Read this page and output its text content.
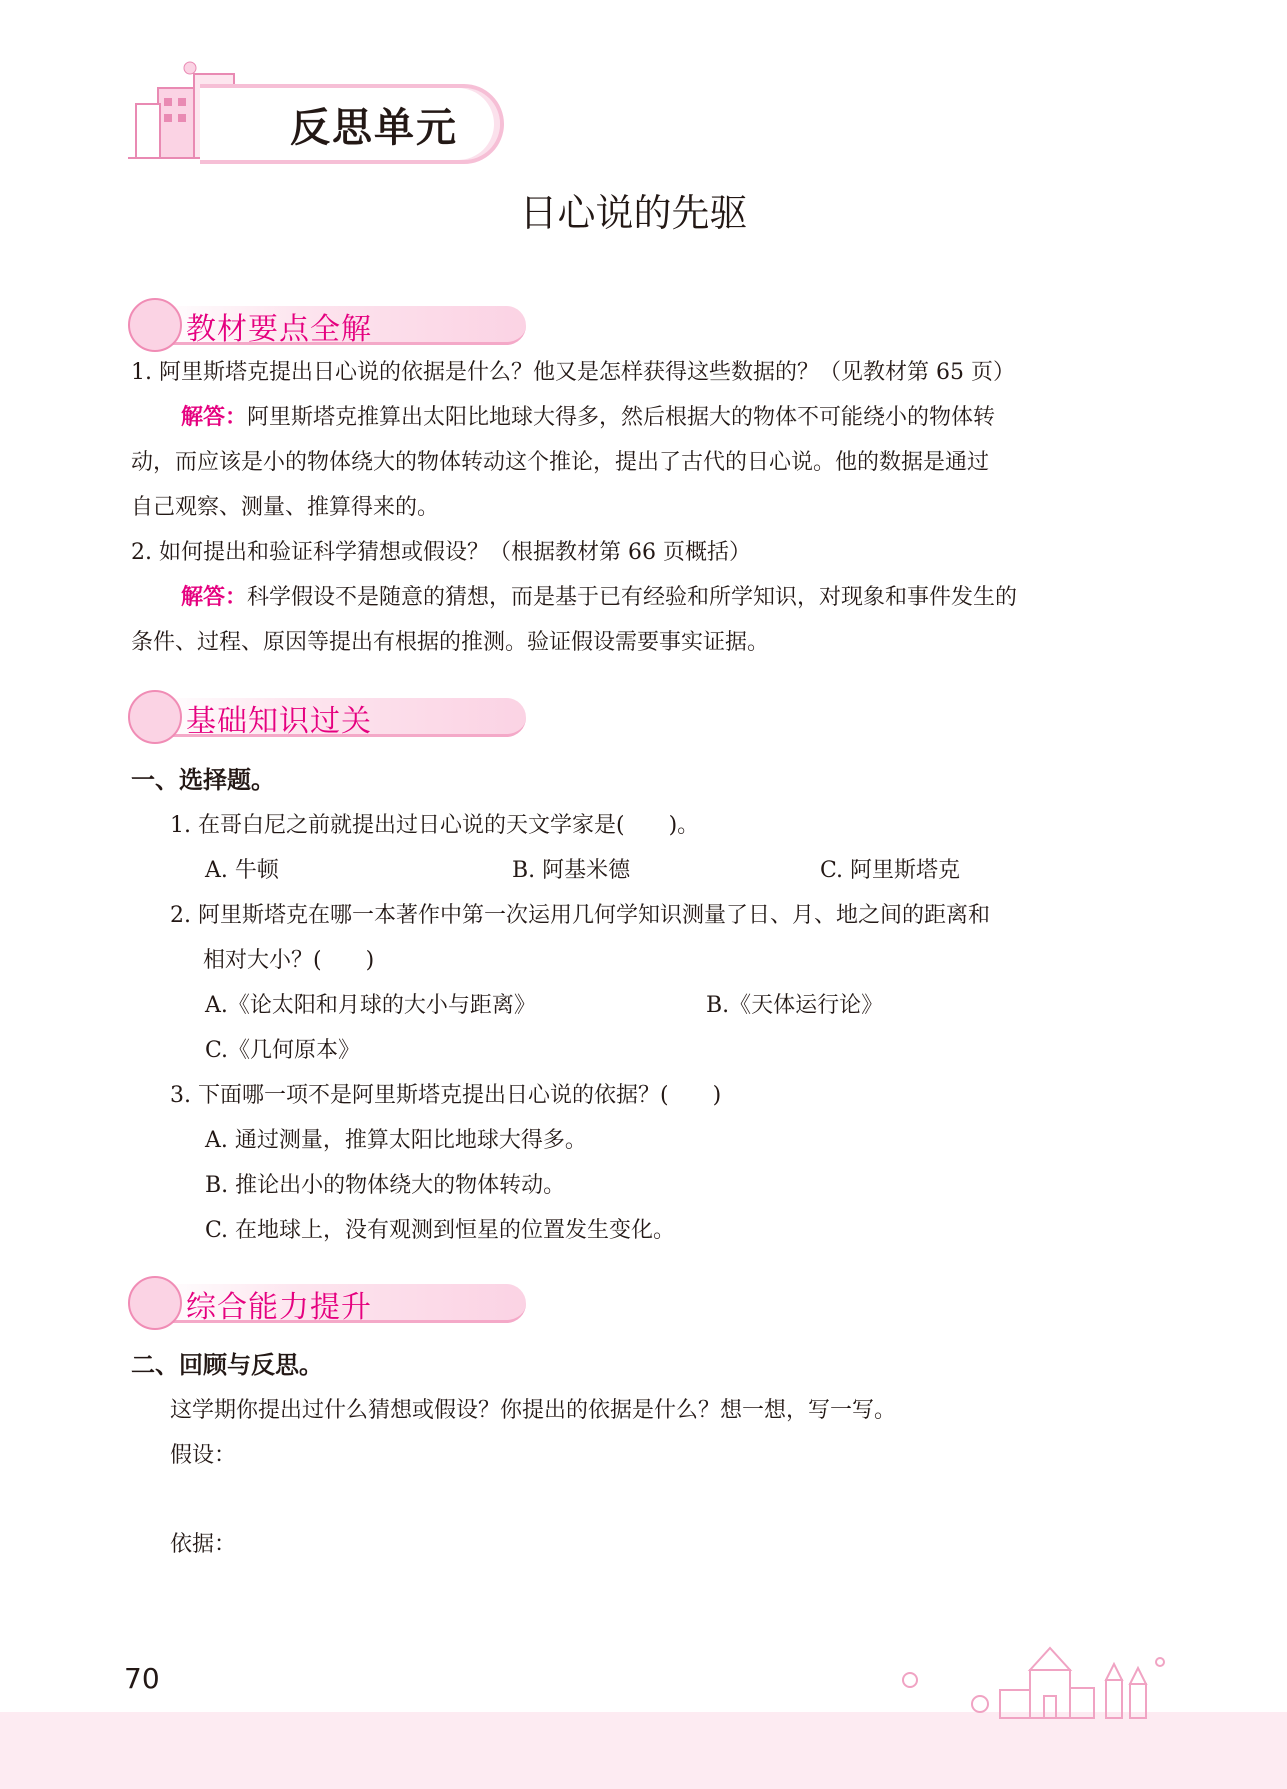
反思单元
日心说的先驱
教材要点全解
1. 阿里斯塔克提出日心说的依据是什么？他又是怎样获得这些数据的？（见教材第 65 页）
解答：阿里斯塔克推算出太阳比地球大得多，然后根据大的物体不可能绕小的物体转
动，而应该是小的物体绕大的物体转动这个推论，提出了古代的日心说。他的数据是通过
自己观察、测量、推算得来的。
2. 如何提出和验证科学猜想或假设？（根据教材第 66 页概括）
解答：科学假设不是随意的猜想，而是基于已有经验和所学知识，对现象和事件发生的
条件、过程、原因等提出有根据的推测。验证假设需要事实证据。
基础知识过关
一、选择题。
1. 在哥白尼之前就提出过日心说的天文学家是(　　)。
A. 牛顿	B. 阿基米德	C. 阿里斯塔克
2. 阿里斯塔克在哪一本著作中第一次运用几何学知识测量了日、月、地之间的距离和
相对大小？(　　)
A.《论太阳和月球的大小与距离》	B.《天体运行论》
C.《几何原本》
3. 下面哪一项不是阿里斯塔克提出日心说的依据？(　　)
A. 通过测量，推算太阳比地球大得多。
B. 推论出小的物体绕大的物体转动。
C. 在地球上，没有观测到恒星的位置发生变化。
综合能力提升
二、回顾与反思。
这学期你提出过什么猜想或假设？你提出的依据是什么？想一想，写一写。
假设：
依据：
70
